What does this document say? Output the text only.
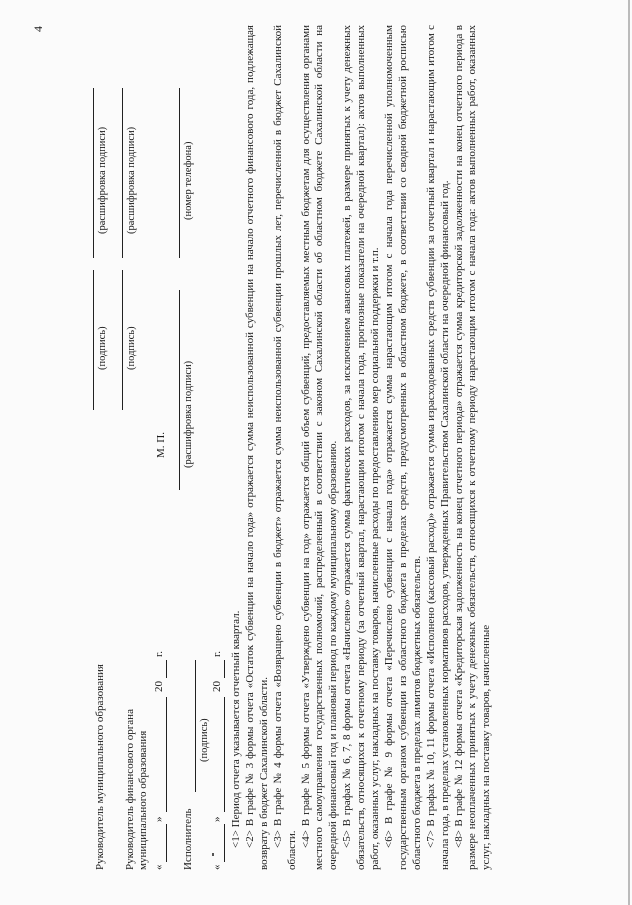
4
Руководитель муниципального образования
(подпись)
(расшифровка подписи)
Руководитель финансового органа муниципального образования
(подпись)
(расшифровка подписи)
М. П.
«
»
20
г.
Исполнитель
(подпись)
(расшифровка подписи)
(номер телефона)
«
»
20
г. <1> Период отчета указывается отчетный квартал. <2> В графе № 3 формы отчета «Остаток субвенции на начало года» отражается сумма неиспользованной субвенции на начало отчетного финансового года, подлежащая возврату в бюджет Сахалинской области. <3> В графе № 4 формы отчета «Возвращено субвенции в бюджет» отражается сумма неиспользованной субвенции прошлых лет, перечисленной в бюджет Сахалинской области.

<4> В графе № 5 формы отчета «Утверждено субвенции на год» отражается общий объем субвенций, предоставляемых местным бюджетам для осуществления органами местного самоуправления государственных полномочий, распределенный в соответствии с законом Сахалинской области об областном бюджете Сахалинской области на очередной финансовый год и плановый период по каждому муниципальному образованию. <5> В графах № 6, 7, 8 формы отчета «Начислено» отражается сумма фактических расходов, за исключением авансовых платежей, в размере принятых к учету денежных обязательств, относящихся к отчетному периоду (за отчетный квартал, нарастающим итогом с начала года, прогнозные показатели на очередной квартал): актов выполненных работ, оказанных услуг, накладных на поставку товаров, начисленные расходы по предоставлению мер социальной поддержки и т.п. <6> В графе № 9 формы отчета «Перечислено субвенции с начала года» отражается сумма нарастающим итогом с начала года перечисленной уполномоченным государственным органом субвенции из областного бюджета в пределах средств, предусмотренных в областном бюджете, в соответствии со сводной бюджетной росписью областного бюджета в пределах лимитов бюджетных обязательств. <7> В графах № 10, 11 формы отчета «Исполнено (кассовый расход)» отражается сумма израсходованных средств субвенции за отчетный квартал и нарастающим итогом с начала года, в пределах установленных нормативов расходов, утвержденных Правительством Сахалинской области на очередной финансовый год. <8> В графе № 12 формы отчета «Кредиторская задолженность на конец отчетного периода» отражается сумма кредиторской задолженности на конец отчетного периода в размере неоплаченных принятых к учету денежных обязательств, относящихся к отчетному периоду нарастающим итогом с начала года: актов выполненных работ, оказанных услуг, накладных на поставку товаров, начисленные
